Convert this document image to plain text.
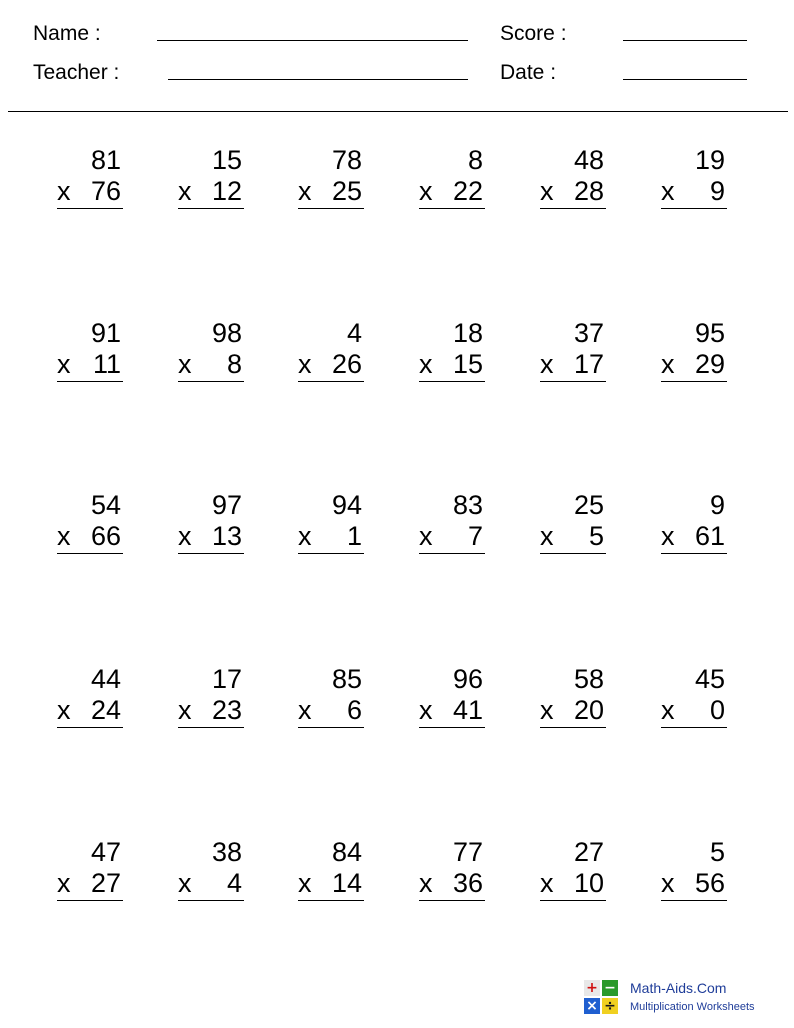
Name :
Teacher :
Score :
Date :
81
x 76
15
x 12
78
x 25
8
x 22
48
x 28
19
x 9
91
x 11
98
x 8
4
x 26
18
x 15
37
x 17
95
x 29
54
x 66
97
x 13
94
x 1
83
x 7
25
x 5
9
x 61
44
x 24
17
x 23
85
x 6
96
x 41
58
x 20
45
x 0
47
x 27
38
x 4
84
x 14
77
x 36
27
x 10
5
x 56
+ −
× ÷
Math-Aids.Com
Multiplication Worksheets
